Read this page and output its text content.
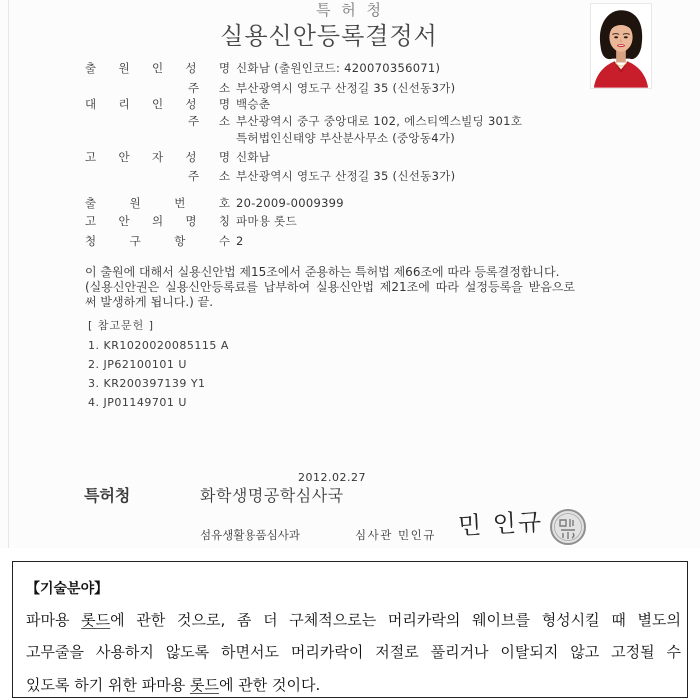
특 허 청
실용신안등록결정서
출 원 인 성 명 신화남 (출원인코드: 420070356071)
주 소 부산광역시 영도구 산정길 35 (신선동3가)
대 리 인 성 명 백승춘
주 소 부산광역시 중구 중앙대로 102, 에스티엑스빌딩 301호
특허법인신태양 부산분사무소 (중앙동4가)
고 안 자 성 명 신화남
주 소 부산광역시 영도구 산정길 35 (신선동3가)
출 원 번 호 20-2009-0009399
고 안 의 명 칭 파마용 롯드
청 구 항 수 2
이 출원에 대해서 실용신안법 제15조에서 준용하는 특허법 제66조에 따라 등록결정합니다.
(실용신안권은 실용신안등록료를 납부하여 실용신안법 제21조에 따라 설정등록을 받음으로
써 발생하게 됩니다.) 끝.
[ 참고문헌 ]
1. KR1020020085115 A
2. JP62100101 U
3. KR200397139 Y1
4. JP01149701 U
2012.02.27
특허청	화학생명공학심사국
섬유생활용품심사과	심사관 민인규 민 인규
【기술분야】
파마용 롯드에 관한 것으로, 좀 더 구체적으로는 머리카락의 웨이브를 형성시킬 때 별도의
고무줄을 사용하지 않도록 하면서도 머리카락이 저절로 풀리거나 이탈되지 않고 고정될 수
있도록 하기 위한 파마용 롯드에 관한 것이다.
